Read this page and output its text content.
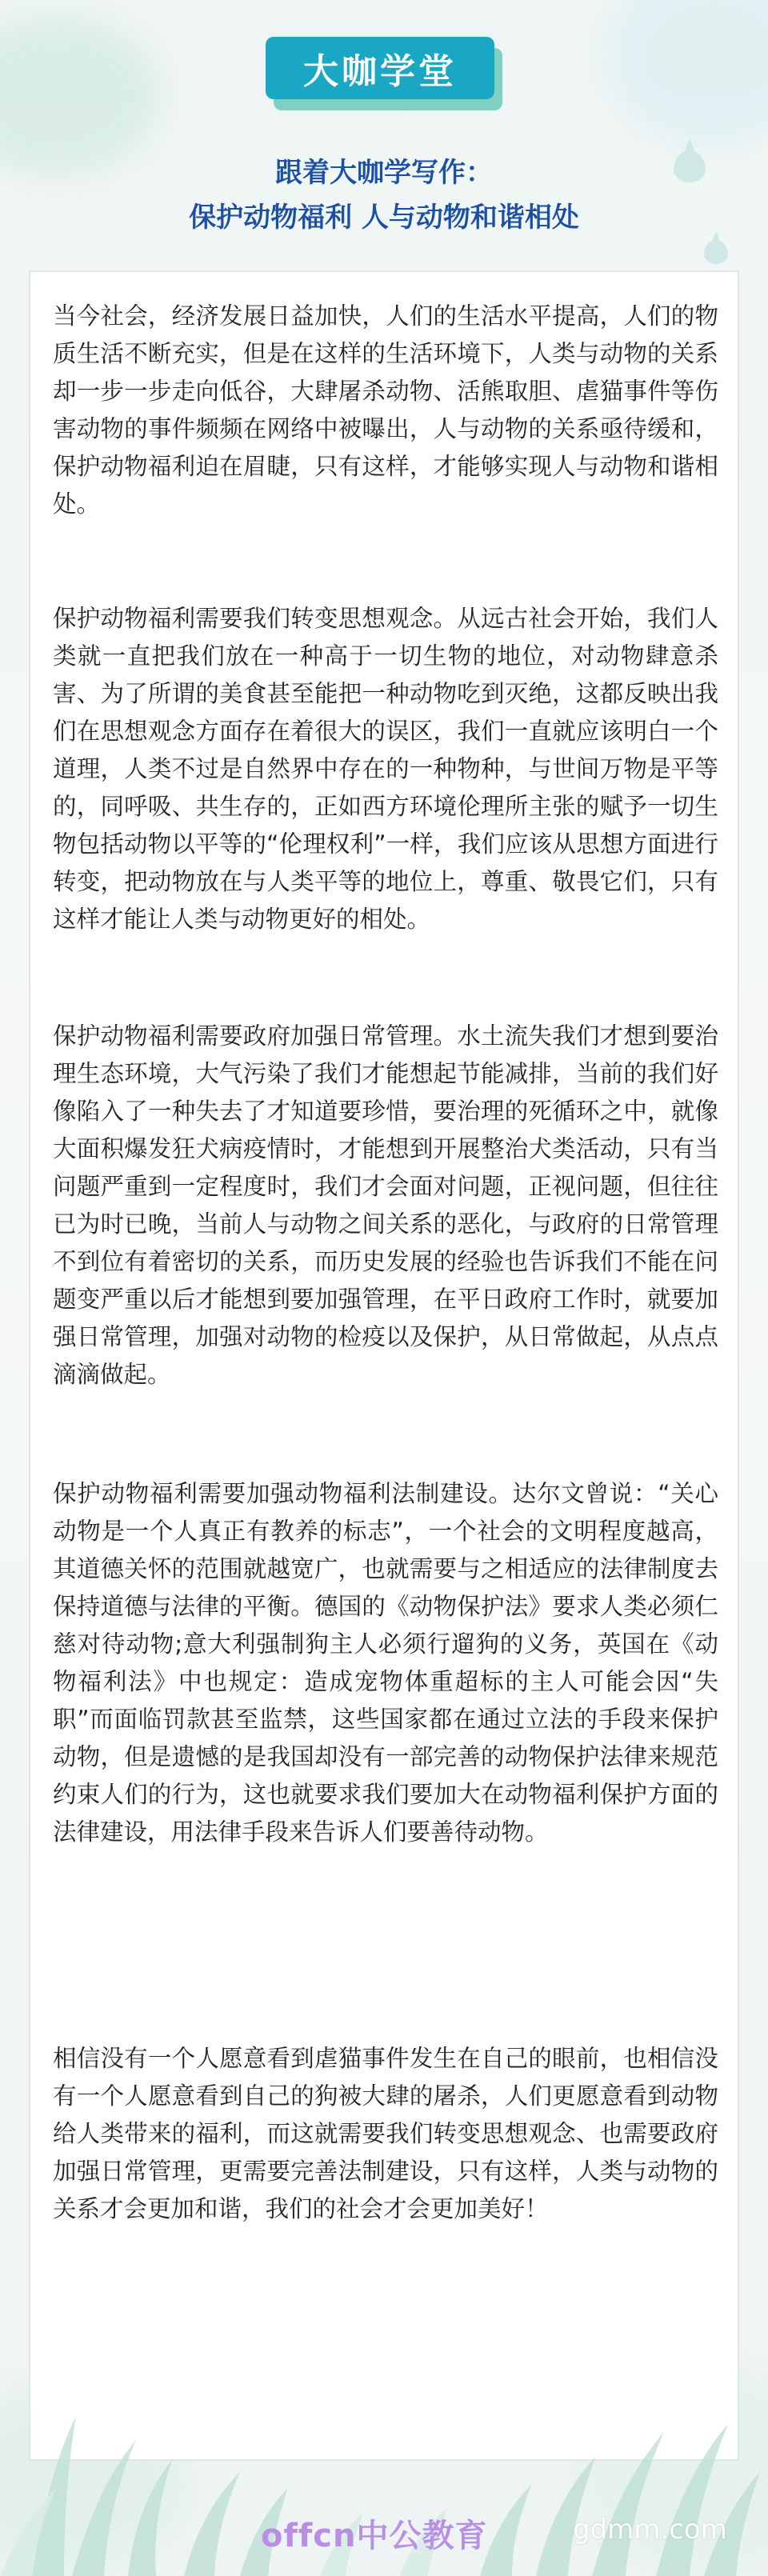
大咖学堂
跟着大咖学写作：
保护动物福利 人与动物和谐相处

当今社会，经济发展日益加快，人们的生活水平提高，人们的物质生活不断充实，但是在这样的生活环境下，人类与动物的关系却一步一步走向低谷，大肆屠杀动物、活熊取胆、虐猫事件等伤害动物的事件频频在网络中被曝出，人与动物的关系亟待缓和，保护动物福利迫在眉睫，只有这样，才能够实现人与动物和谐相处。

保护动物福利需要我们转变思想观念。从远古社会开始，我们人类就一直把我们放在一种高于一切生物的地位，对动物肆意杀害、为了所谓的美食甚至能把一种动物吃到灭绝，这都反映出我们在思想观念方面存在着很大的误区，我们一直就应该明白一个道理，人类不过是自然界中存在的一种物种，与世间万物是平等的，同呼吸、共生存的，正如西方环境伦理所主张的赋予一切生物包括动物以平等的“伦理权利”一样，我们应该从思想方面进行转变，把动物放在与人类平等的地位上，尊重、敬畏它们，只有这样才能让人类与动物更好的相处。

保护动物福利需要政府加强日常管理。水土流失我们才想到要治理生态环境，大气污染了我们才能想起节能减排，当前的我们好像陷入了一种失去了才知道要珍惜，要治理的死循环之中，就像大面积爆发狂犬病疫情时，才能想到开展整治犬类活动，只有当问题严重到一定程度时，我们才会面对问题，正视问题，但往往已为时已晚，当前人与动物之间关系的恶化，与政府的日常管理不到位有着密切的关系，而历史发展的经验也告诉我们不能在问题变严重以后才能想到要加强管理，在平日政府工作时，就要加强日常管理，加强对动物的检疫以及保护，从日常做起，从点点滴滴做起。

保护动物福利需要加强动物福利法制建设。达尔文曾说：“关心动物是一个人真正有教养的标志”，一个社会的文明程度越高，其道德关怀的范围就越宽广，也就需要与之相适应的法律制度去保持道德与法律的平衡。德国的《动物保护法》要求人类必须仁慈对待动物;意大利强制狗主人必须行遛狗的义务，英国在《动物福利法》中也规定：造成宠物体重超标的主人可能会因“失职”而面临罚款甚至监禁，这些国家都在通过立法的手段来保护动物，但是遗憾的是我国却没有一部完善的动物保护法律来规范约束人们的行为，这也就要求我们要加大在动物福利保护方面的法律建设，用法律手段来告诉人们要善待动物。

相信没有一个人愿意看到虐猫事件发生在自己的眼前，也相信没有一个人愿意看到自己的狗被大肆的屠杀，人们更愿意看到动物给人类带来的福利，而这就需要我们转变思想观念、也需要政府加强日常管理，更需要完善法制建设，只有这样，人类与动物的关系才会更加和谐，我们的社会才会更加美好！

offcn中公教育	gdmm.com
